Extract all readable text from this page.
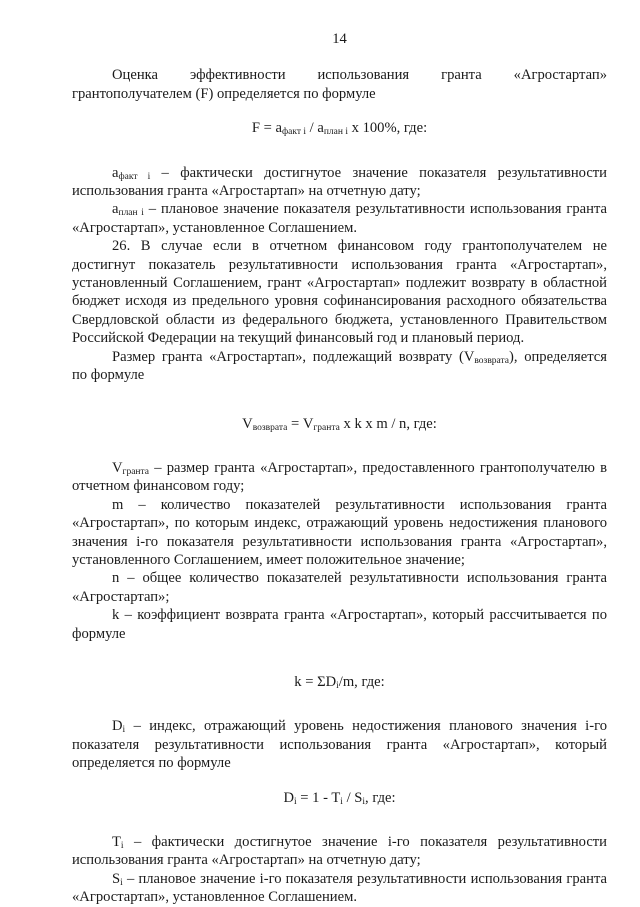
14

Оценка эффективности использования гранта «Агростартап» грантополучателем (F) определяется по формуле

$F = a_{факт i} / a_{план i}$ x 100%, где:

$a_{факт i}$ – фактически достигнутое значение показателя результативности использования гранта «Агростартап» на отчетную дату;

$a_{план i}$ – плановое значение показателя результативности использования гранта «Агростартап», установленное Соглашением.

26. В случае если в отчетном финансовом году грантополучателем не достигнут показатель результативности использования гранта «Агростартап», установленный Соглашением, грант «Агростартап» подлежит возврату в областной бюджет исходя из предельного уровня софинансирования расходного обязательства Свердловской области из федерального бюджета, установленного Правительством Российской Федерации на текущий финансовый год и плановый период.

Размер гранта «Агростартап», подлежащий возврату $(V_{возврата})$, определяется по формуле

$V_{возврата} = V_{гранта}$ x k x m / n, где:

$V_{гранта}$ – размер гранта «Агростартап», предоставленного грантополучателю в отчетном финансовом году;

m – количество показателей результативности использования гранта «Агростартап», по которым индекс, отражающий уровень недостижения планового значения i-го показателя результативности использования гранта «Агростартап», установленного Соглашением, имеет положительное значение;

n – общее количество показателей результативности использования гранта «Агростартап»;

k – коэффициент возврата гранта «Агростартап», который рассчитывается по формуле

$k = \Sigma D_i/m$, где:

$D_i$ – индекс, отражающий уровень недостижения планового значения i-го показателя результативности использования гранта «Агростартап», который определяется по формуле

$D_i = 1 - T_i / S_i$, где:

$T_i$ – фактически достигнутое значение i-го показателя результативности использования гранта «Агростартап» на отчетную дату;

$S_i$ – плановое значение i-го показателя результативности использования гранта «Агростартап», установленное Соглашением.
